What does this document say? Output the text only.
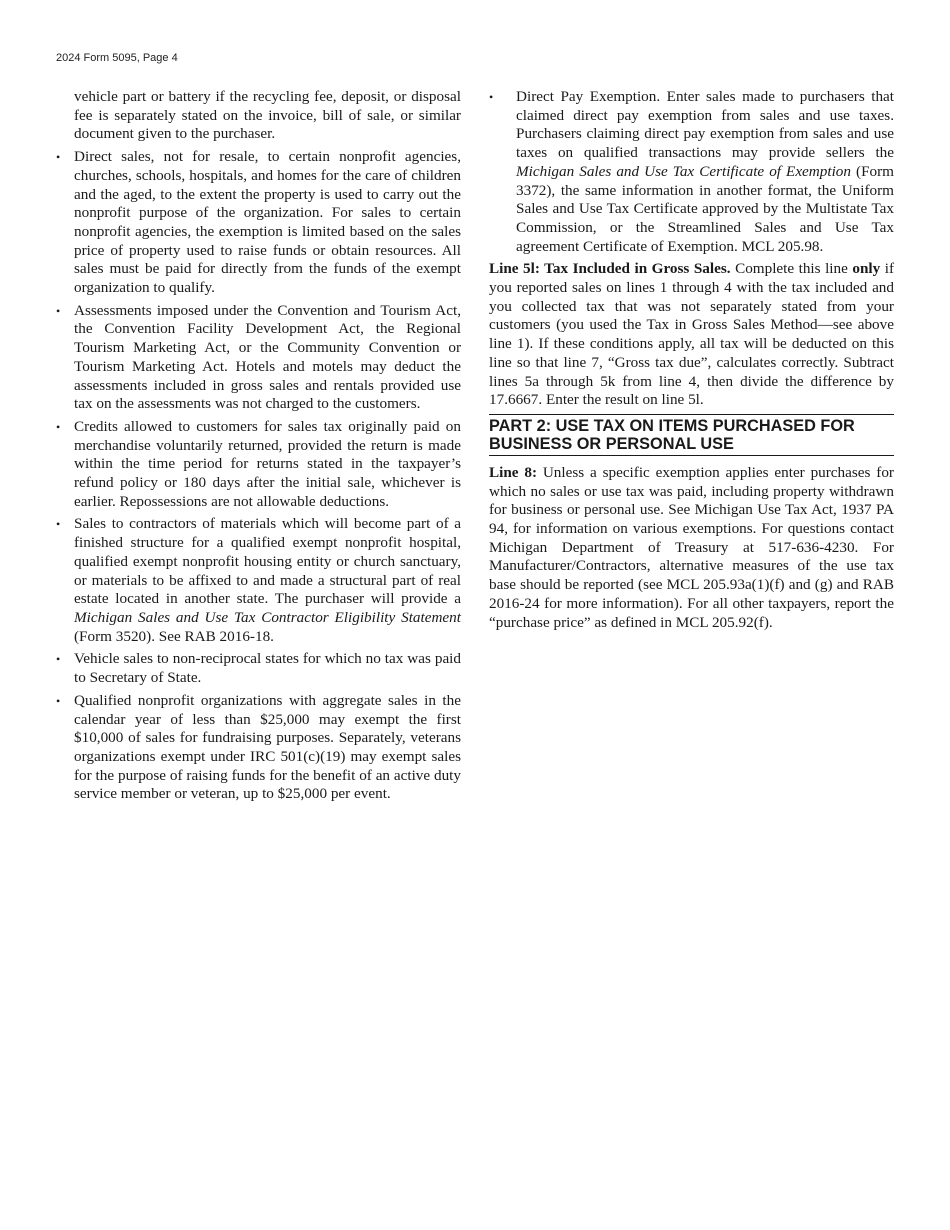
2024 Form 5095, Page 4
vehicle part or battery if the recycling fee, deposit, or disposal fee is separately stated on the invoice, bill of sale, or similar document given to the purchaser.
• Direct sales, not for resale, to certain nonprofit agencies, churches, schools, hospitals, and homes for the care of children and the aged, to the extent the property is used to carry out the nonprofit purpose of the organization. For sales to certain nonprofit agencies, the exemption is limited based on the sales price of property used to raise funds or obtain resources. All sales must be paid for directly from the funds of the exempt organization to qualify.
• Assessments imposed under the Convention and Tourism Act, the Convention Facility Development Act, the Regional Tourism Marketing Act, or the Community Convention or Tourism Marketing Act. Hotels and motels may deduct the assessments included in gross sales and rentals provided use tax on the assessments was not charged to the customers.
• Credits allowed to customers for sales tax originally paid on merchandise voluntarily returned, provided the return is made within the time period for returns stated in the taxpayer’s refund policy or 180 days after the initial sale, whichever is earlier. Repossessions are not allowable deductions.
• Sales to contractors of materials which will become part of a finished structure for a qualified exempt nonprofit hospital, qualified exempt nonprofit housing entity or church sanctuary, or materials to be affixed to and made a structural part of real estate located in another state. The purchaser will provide a Michigan Sales and Use Tax Contractor Eligibility Statement (Form 3520). See RAB 2016-18.
• Vehicle sales to non-reciprocal states for which no tax was paid to Secretary of State.
• Qualified nonprofit organizations with aggregate sales in the calendar year of less than $25,000 may exempt the first $10,000 of sales for fundraising purposes. Separately, veterans organizations exempt under IRC 501(c)(19) may exempt sales for the purpose of raising funds for the benefit of an active duty service member or veteran, up to $25,000 per event.
• Direct Pay Exemption. Enter sales made to purchasers that claimed direct pay exemption from sales and use taxes. Purchasers claiming direct pay exemption from sales and use taxes on qualified transactions may provide sellers the Michigan Sales and Use Tax Certificate of Exemption (Form 3372), the same information in another format, the Uniform Sales and Use Tax Certificate approved by the Multistate Tax Commission, or the Streamlined Sales and Use Tax agreement Certificate of Exemption. MCL 205.98.

Line 5l: Tax Included in Gross Sales. Complete this line only if you reported sales on lines 1 through 4 with the tax included and you collected tax that was not separately stated from your customers (you used the Tax in Gross Sales Method—see above line 1). If these conditions apply, all tax will be deducted on this line so that line 7, “Gross tax due”, calculates correctly. Subtract lines 5a through 5k from line 4, then divide the difference by 17.6667. Enter the result on line 5l.

PART 2: USE TAX ON ITEMS PURCHASED FOR BUSINESS OR PERSONAL USE

Line 8: Unless a specific exemption applies enter purchases for which no sales or use tax was paid, including property withdrawn for business or personal use. See Michigan Use Tax Act, 1937 PA 94, for information on various exemptions. For questions contact Michigan Department of Treasury at 517-636-4230. For Manufacturer/Contractors, alternative measures of the use tax base should be reported (see MCL 205.93a(1)(f) and (g) and RAB 2016-24 for more information). For all other taxpayers, report the “purchase price” as defined in MCL 205.92(f).
